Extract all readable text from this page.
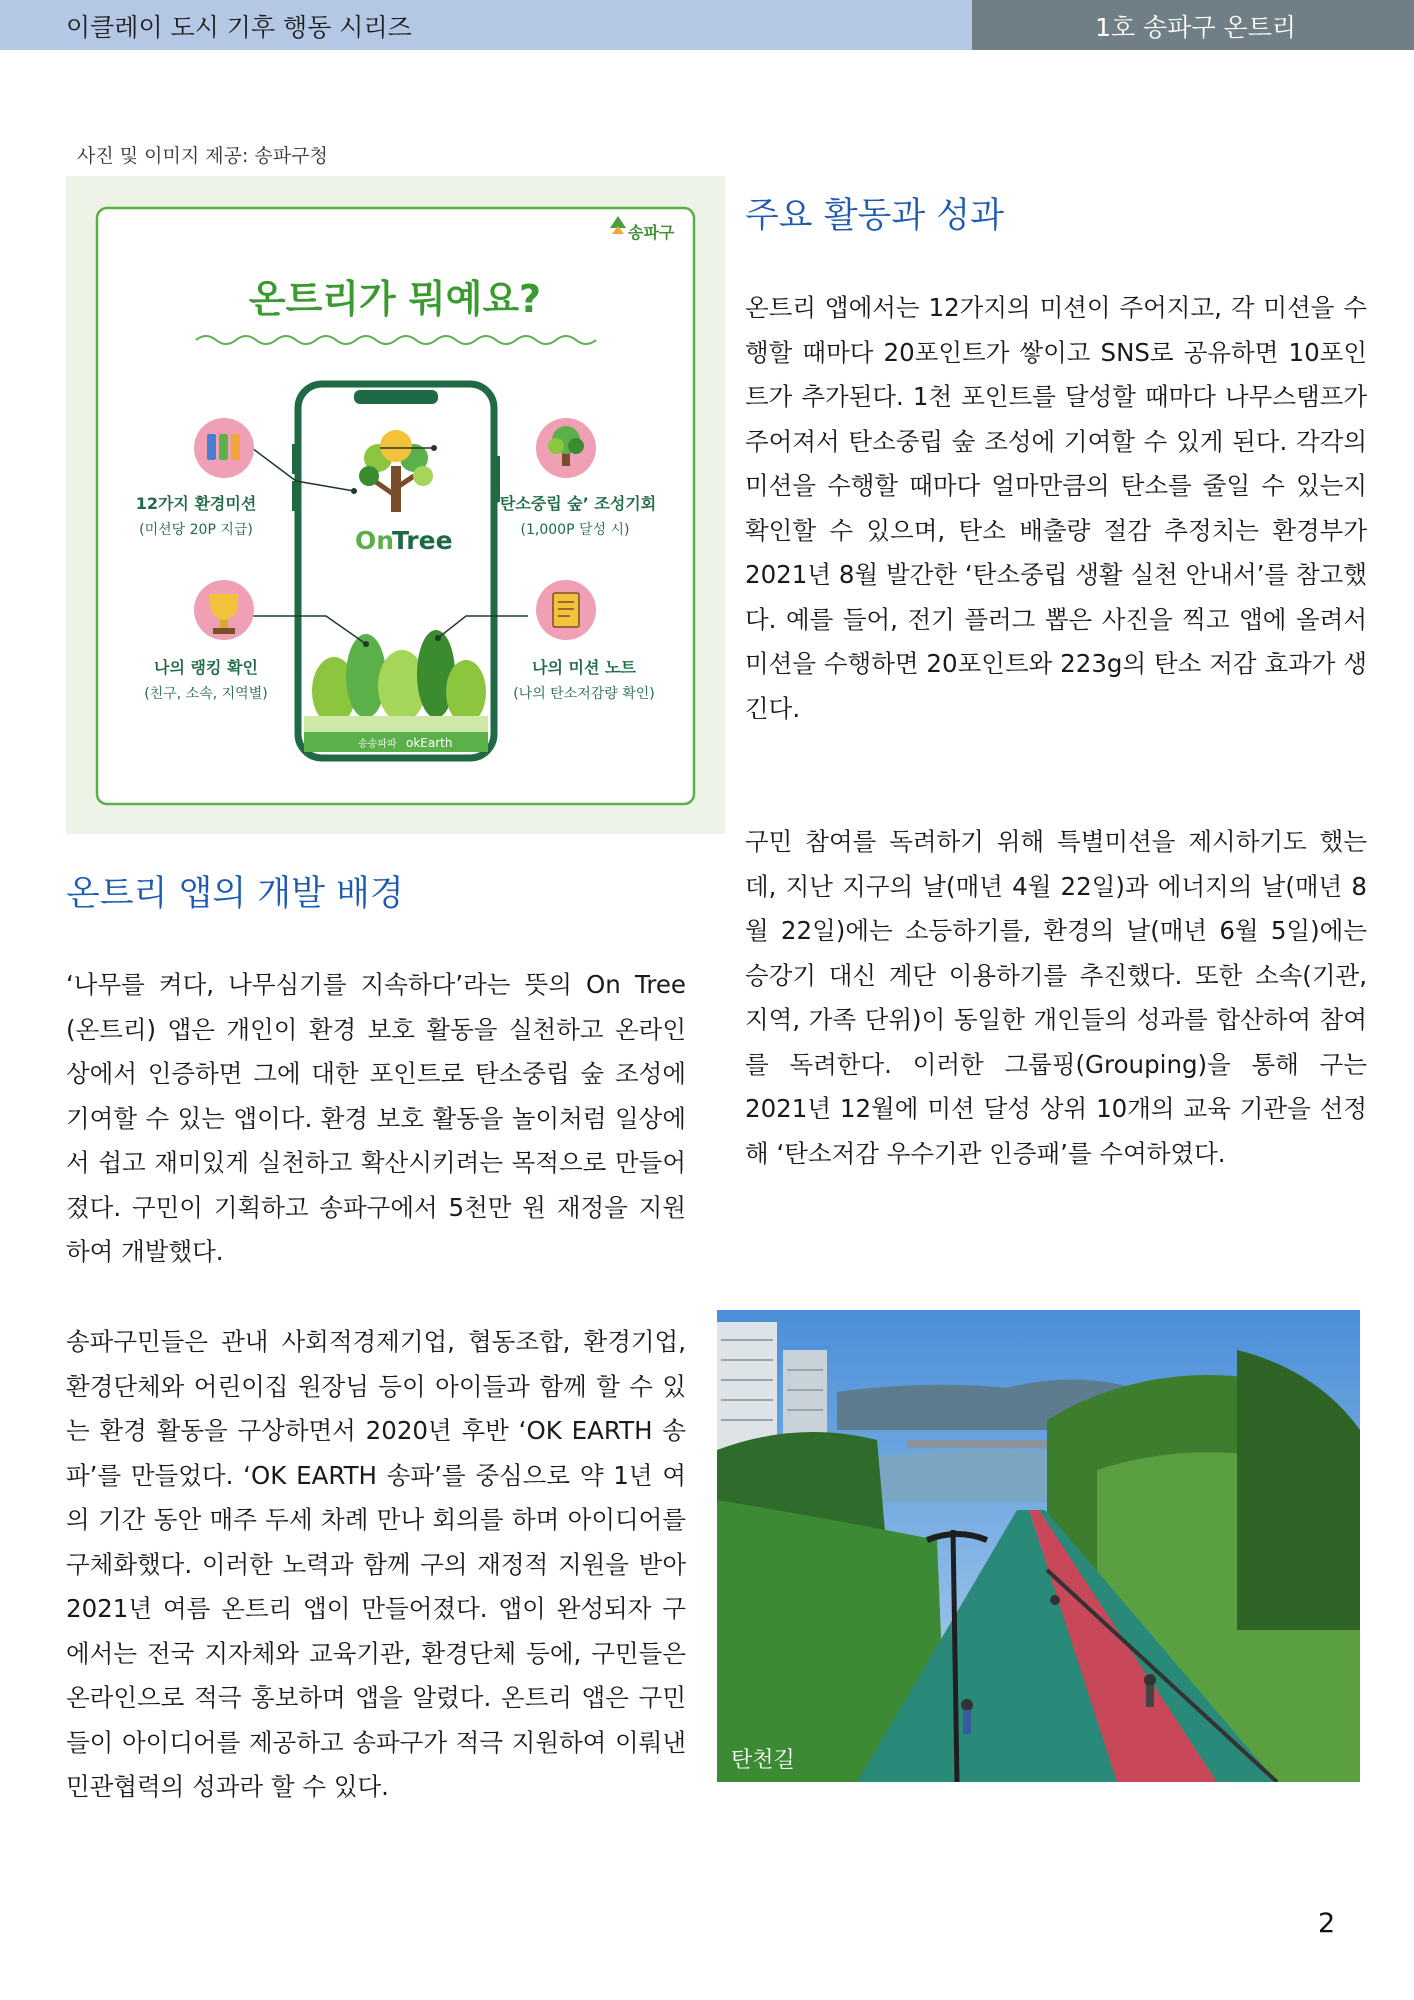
이클레이 도시 기후 행동 시리즈	1호 송파구 온트리
사진 및 이미지 제공: 송파구청
송파구
온트리가 뭐예요?
On
Tree
송송파파 okEarth
12가지 환경미션
(미션당 20P 지급)
‘탄소중립 숲’ 조성기회
(1,000P 달성 시)
나의 랭킹 확인
(친구, 소속, 지역별)
나의 미션 노트
(나의 탄소저감량 확인)
온트리 앱의 개발 배경

‘나무를 켜다, 나무심기를 지속하다’라는 뜻의 On Tree (온트리) 앱은 개인이 환경 보호 활동을 실천하고 온라인 상에서 인증하면 그에 대한 포인트로 탄소중립 숲 조성에 기여할 수 있는 앱이다. 환경 보호 활동을 놀이처럼 일상에서 쉽고 재미있게 실천하고 확산시키려는 목적으로 만들어졌다. 구민이 기획하고 송파구에서 5천만 원 재정을 지원하여 개발했다.

송파구민들은 관내 사회적경제기업, 협동조합, 환경기업, 환경단체와 어린이집 원장님 등이 아이들과 함께 할 수 있는 환경 활동을 구상하면서 2020년 후반 ‘OK EARTH 송파’를 만들었다. ‘OK EARTH 송파’를 중심으로 약 1년 여의 기간 동안 매주 두세 차례 만나 회의를 하며 아이디어를 구체화했다. 이러한 노력과 함께 구의 재정적 지원을 받아 2021년 여름 온트리 앱이 만들어졌다. 앱이 완성되자 구에서는 전국 지자체와 교육기관, 환경단체 등에, 구민들은 온라인으로 적극 홍보하며 앱을 알렸다. 온트리 앱은 구민들이 아이디어를 제공하고 송파구가 적극 지원하여 이뤄낸 민관협력의 성과라 할 수 있다.

주요 활동과 성과

온트리 앱에서는 12가지의 미션이 주어지고, 각 미션을 수행할 때마다 20포인트가 쌓이고 SNS로 공유하면 10포인트가 추가된다. 1천 포인트를 달성할 때마다 나무스탬프가 주어져서 탄소중립 숲 조성에 기여할 수 있게 된다. 각각의 미션을 수행할 때마다 얼마만큼의 탄소를 줄일 수 있는지 확인할 수 있으며, 탄소 배출량 절감 추정치는 환경부가 2021년 8월 발간한 ‘탄소중립 생활 실천 안내서’를 참고했다. 예를 들어, 전기 플러그 뽑은 사진을 찍고 앱에 올려서 미션을 수행하면 20포인트와 223g의 탄소 저감 효과가 생긴다.

구민 참여를 독려하기 위해 특별미션을 제시하기도 했는데, 지난 지구의 날(매년 4월 22일)과 에너지의 날(매년 8월 22일)에는 소등하기를, 환경의 날(매년 6월 5일)에는 승강기 대신 계단 이용하기를 추진했다. 또한 소속(기관, 지역, 가족 단위)이 동일한 개인들의 성과를 합산하여 참여를 독려한다. 이러한 그룹핑(Grouping)을 통해 구는 2021년 12월에 미션 달성 상위 10개의 교육 기관을 선정해 ‘탄소저감 우수기관 인증패’를 수여하였다.

탄천길
2
